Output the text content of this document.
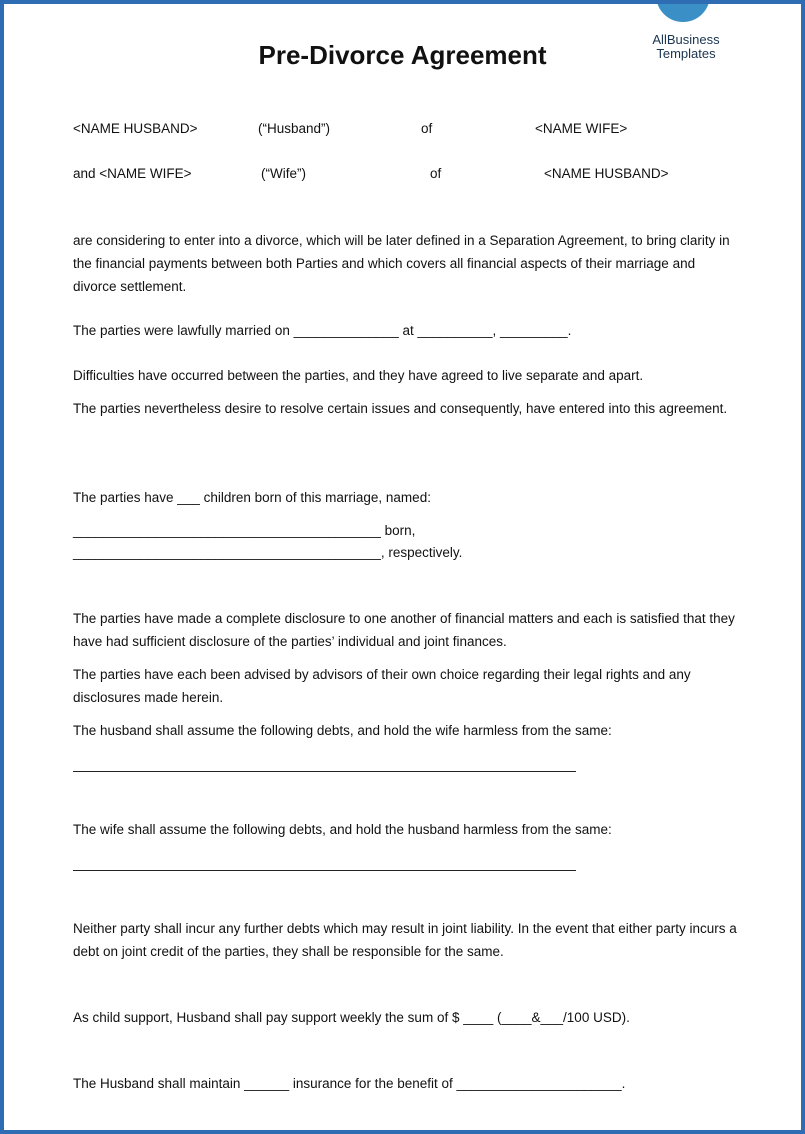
AllBusiness
Templates
Pre-Divorce Agreement
<NAME HUSBAND>	(“Husband”)	of	<NAME WIFE>
and <NAME WIFE>	(“Wife”)	of	<NAME HUSBAND>
are considering to enter into a divorce, which will be later defined in a Separation Agreement, to bring clarity in the financial payments between both Parties and which covers all financial aspects of their marriage and divorce settlement.
The parties were lawfully married on ______________ at __________, _________.
Difficulties have occurred between the parties, and they have agreed to live separate and apart.
The parties nevertheless desire to resolve certain issues and consequently, have entered into this agreement.
The parties have ___ children born of this marriage, named:
_________________________________________ born,
_________________________________________, respectively.
The parties have made a complete disclosure to one another of financial matters and each is satisfied that they have had sufficient disclosure of the parties’ individual and joint finances.
The parties have each been advised by advisors of their own choice regarding their legal rights and any disclosures made herein.
The husband shall assume the following debts, and hold the wife harmless from the same:
The wife shall assume the following debts, and hold the husband harmless from the same:
Neither party shall incur any further debts which may result in joint liability. In the event that either party incurs a debt on joint credit of the parties, they shall be responsible for the same.
As child support, Husband shall pay support weekly the sum of $ ____ (____&___/100 USD).
The Husband shall maintain ______ insurance for the benefit of ______________________.
